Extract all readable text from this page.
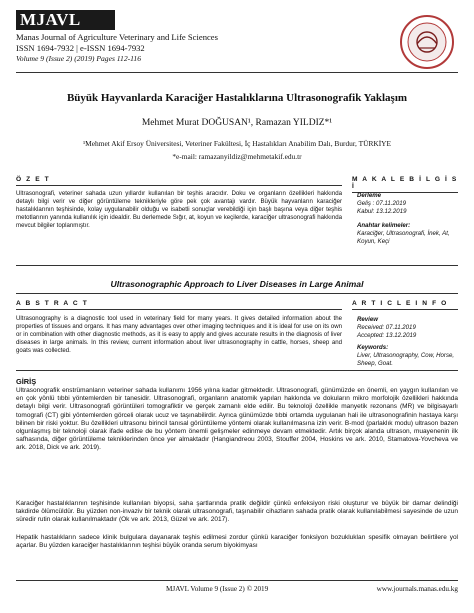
MJAVL
Manas Journal of Agriculture Veterinary and Life Sciences
ISSN 1694-7932 | e-ISSN 1694-7932
Volume 9 (Issue 2) (2019) Pages 112-116
Büyük Hayvanlarda Karaciğer Hastalıklarına Ultrasonografik Yaklaşım
Mehmet Murat DOĞUSAN¹, Ramazan YILDIZ*¹
¹Mehmet Akif Ersoy Üniversitesi, Veteriner Fakültesi, İç Hastalıkları Anabilim Dalı, Burdur, TÜRKİYE
*e-mail: ramazanyildiz@mehmetakif.edu.tr
Ö Z E T
Ultrasonografi, veteriner sahada uzun yıllardır kullanılan bir teşhis aracıdır. Doku ve organların özellikleri hakkında detaylı bilgi verir ve diğer görüntüleme teknikleriyle göre pek çok avantajı vardır. Büyük hayvanların karaciğer hastalıklarının teşhisinde, kolay uygulanabilir olduğu ve isabetli sonuçlar verebildiği için başlı başına veya diğer teşhis metotlarının yanında kullanılık için idealdir. Bu derlemede Sığır, at, koyun ve keçilerde, karaciğer ultrasonografi hakkında mevcut bilgiler toplanmıştır.
M A K A L E B İ L G İ S İ
Derleme
Geliş : 07.11.2019
Kabul: 13.12.2019
Anahtar kelimeler:
Karaciğer, Ultrasonografi, İnek, At, Koyun, Keçi
Ultrasonographic Approach to Liver Diseases in Large Animal
A B S T R A C T
Ultrasonography is a diagnostic tool used in veterinary field for many years. It gives detailed information about the properties of tissues and organs. It has many advantages over other imaging techniques and it is ideal for use on its own or in combination with other diagnostic methods, as it is easy to apply and gives accurate results in the diagnosis of liver diseases in large animals. In this review, current information about liver ultrasonography in cattle, horses, sheep and goats was collected.
A R T I C L E I N F O
Review
Received: 07.11.2019
Accepted: 13.12.2019
Keywords:
Liver, Ultrasonography, Cow, Horse, Sheep, Goat.
GİRİŞ
Ultrasonografik enstrümanların veteriner sahada kullanımı 1956 yılına kadar gitmektedir. Ultrasonografi, günümüzde en önemli, en yaygın kullanılan ve en çok yönlü tıbbi yöntemlerden bir tanesidir. Ultrasonografi, organların anatomik yapıları hakkında ve dokuların mikro morfolojik özellikleri hakkında detaylı bilgi verir. Ultrasonografi görüntüleri tomografiktir ve gerçek zamanlı elde edilir. Bu teknoloji özellikle manyetik rezonans (MR) ve bilgisayarlı tomografi (CT) gibi yöntemlerden görceli olarak ucuz ve taşınabilirdir. Ayrıca günümüzde tıbbi ortamda uygulanan hali ile ultrasonografinin hastaya karşı bilinen bir riski yoktur. Bu özellikleri ultrasonu birincil tanısal görüntüleme yöntemi olarak kullanılmasına izin verir. B-mod (parlaklık modu) ultrason bazen olgunlaşmış bir teknoloji olarak ifade edilse de bu yöntem önemli gelişmeler edinmeye devam etmektedir. Artık birçok alanda ultrason, muayenenin ilk safhasında, diğer görüntüleme tekniklerinden önce yer almaktadır (Hangiandreou 2003, Stouffer 2004, Hoskins ve ark. 2010, Stamatova-Yovcheva ve ark. 2018, Dick ve ark. 2019).
Karaciğer hastalıklarının teşhisinde kullanılan biyopsi, saha şartlarında pratik değildir çünkü enfeksiyon riski oluşturur ve büyük bir damar delindiği takdirde ölümcüldür. Bu yüzden non-invaziv bir teknik olarak ultrasonografi, taşınabilir cihazların sahada pratik olarak kullanılabilmesi sayesinde de uzun süredir rutin olarak kullanılmaktadır (Ok ve ark. 2013, Güzel ve ark. 2017).
Hepatik hastalıkların sadece klinik bulgulara dayanarak teşhis edilmesi zordur çünkü karaciğer fonksiyon bozuklukları spesifik olmayan belirtilere yol açarlar. Bu yüzden karaciğer hastalıklarının teşhisi büyük oranda serum biyokimyası
MJAVL Volume 9 (Issue 2) © 2019	www.journals.manas.edu.kg
